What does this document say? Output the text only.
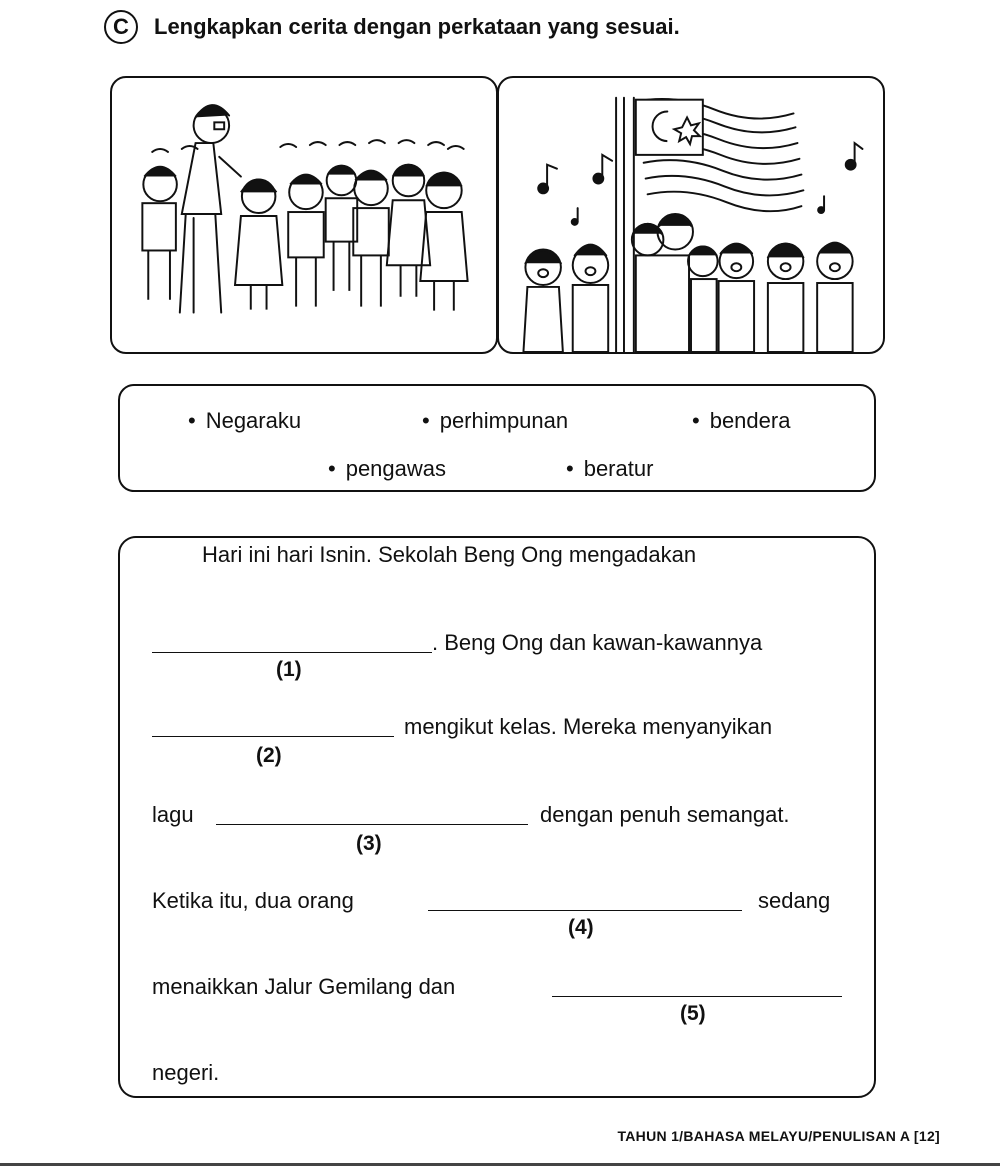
C	Lengkapkan cerita dengan perkataan yang sesuai.
• Negaraku	• perhimpunan	• bendera
• pengawas	• beratur
Hari ini hari Isnin. Sekolah Beng Ong mengadakan
. Beng Ong dan kawan-kawannya
(1)
mengikut kelas. Mereka menyanyikan
(2)
lagu	dengan penuh semangat.
(3)
Ketika itu, dua orang	sedang
(4)
menaikkan Jalur Gemilang dan
(5)
negeri.
TAHUN 1/BAHASA MELAYU/PENULISAN A [12]
